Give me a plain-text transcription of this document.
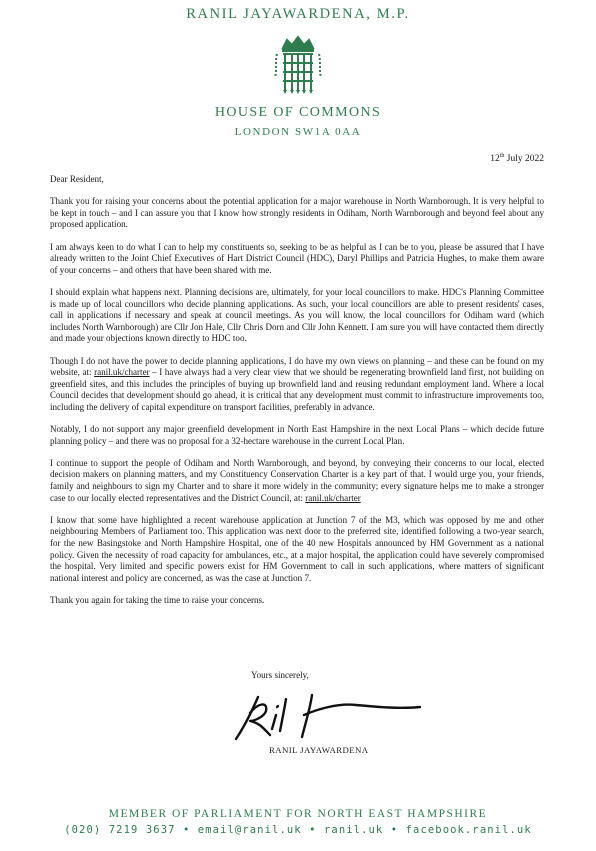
RANIL JAYAWARDENA, M.P.
HOUSE OF COMMONS
LONDON SW1A 0AA
12th July 2022

Dear Resident,

Thank you for raising your concerns about the potential application for a major warehouse in North Warnborough. It is very helpful to be kept in touch – and I can assure you that I know how strongly residents in Odiham, North Warnborough and beyond feel about any proposed application.

I am always keen to do what I can to help my constituents so, seeking to be as helpful as I can be to you, please be assured that I have already written to the Joint Chief Executives of Hart District Council (HDC), Daryl Phillips and Patricia Hughes, to make them aware of your concerns – and others that have been shared with me.

I should explain what happens next. Planning decisions are, ultimately, for your local councillors to make. HDC's Planning Committee is made up of local councillors who decide planning applications. As such, your local councillors are able to present residents' cases, call in applications if necessary and speak at council meetings. As you will know, the local councillors for Odiham ward (which includes North Warnborough) are Cllr Jon Hale, Cllr Chris Dorn and Cllr John Kennett. I am sure you will have contacted them directly and made your objections known directly to HDC too.

Though I do not have the power to decide planning applications, I do have my own views on planning – and these can be found on my website, at: ranil.uk/charter – I have always had a very clear view that we should be regenerating brownfield land first, not building on greenfield sites, and this includes the principles of buying up brownfield land and reusing redundant employment land. Where a local Council decides that development should go ahead, it is critical that any development must commit to infrastructure improvements too, including the delivery of capital expenditure on transport facilities, preferably in advance.

Notably, I do not support any major greenfield development in North East Hampshire in the next Local Plans – which decide future planning policy – and there was no proposal for a 32-hectare warehouse in the current Local Plan.

I continue to support the people of Odiham and North Warnborough, and beyond, by conveying their concerns to our local, elected decision makers on planning matters, and my Constituency Conservation Charter is a key part of that. I would urge you, your friends, family and neighbours to sign my Charter and to share it more widely in the community; every signature helps me to make a stronger case to our locally elected representatives and the District Council, at: ranil.uk/charter

I know that some have highlighted a recent warehouse application at Junction 7 of the M3, which was opposed by me and other neighbouring Members of Parliament too. This application was next door to the preferred site, identified following a two-year search, for the new Basingstoke and North Hampshire Hospital, one of the 40 new Hospitals announced by HM Government as a national policy. Given the necessity of road capacity for ambulances, etc., at a major hospital, the application could have severely compromised the hospital. Very limited and specific powers exist for HM Government to call in such applications, where matters of significant national interest and policy are concerned, as was the case at Junction 7.

Thank you again for taking the time to raise your concerns.

Yours sincerely,
RANIL JAYAWARDENA
MEMBER OF PARLIAMENT FOR NORTH EAST HAMPSHIRE
(020) 7219 3637 • email@ranil.uk • ranil.uk • facebook.ranil.uk
